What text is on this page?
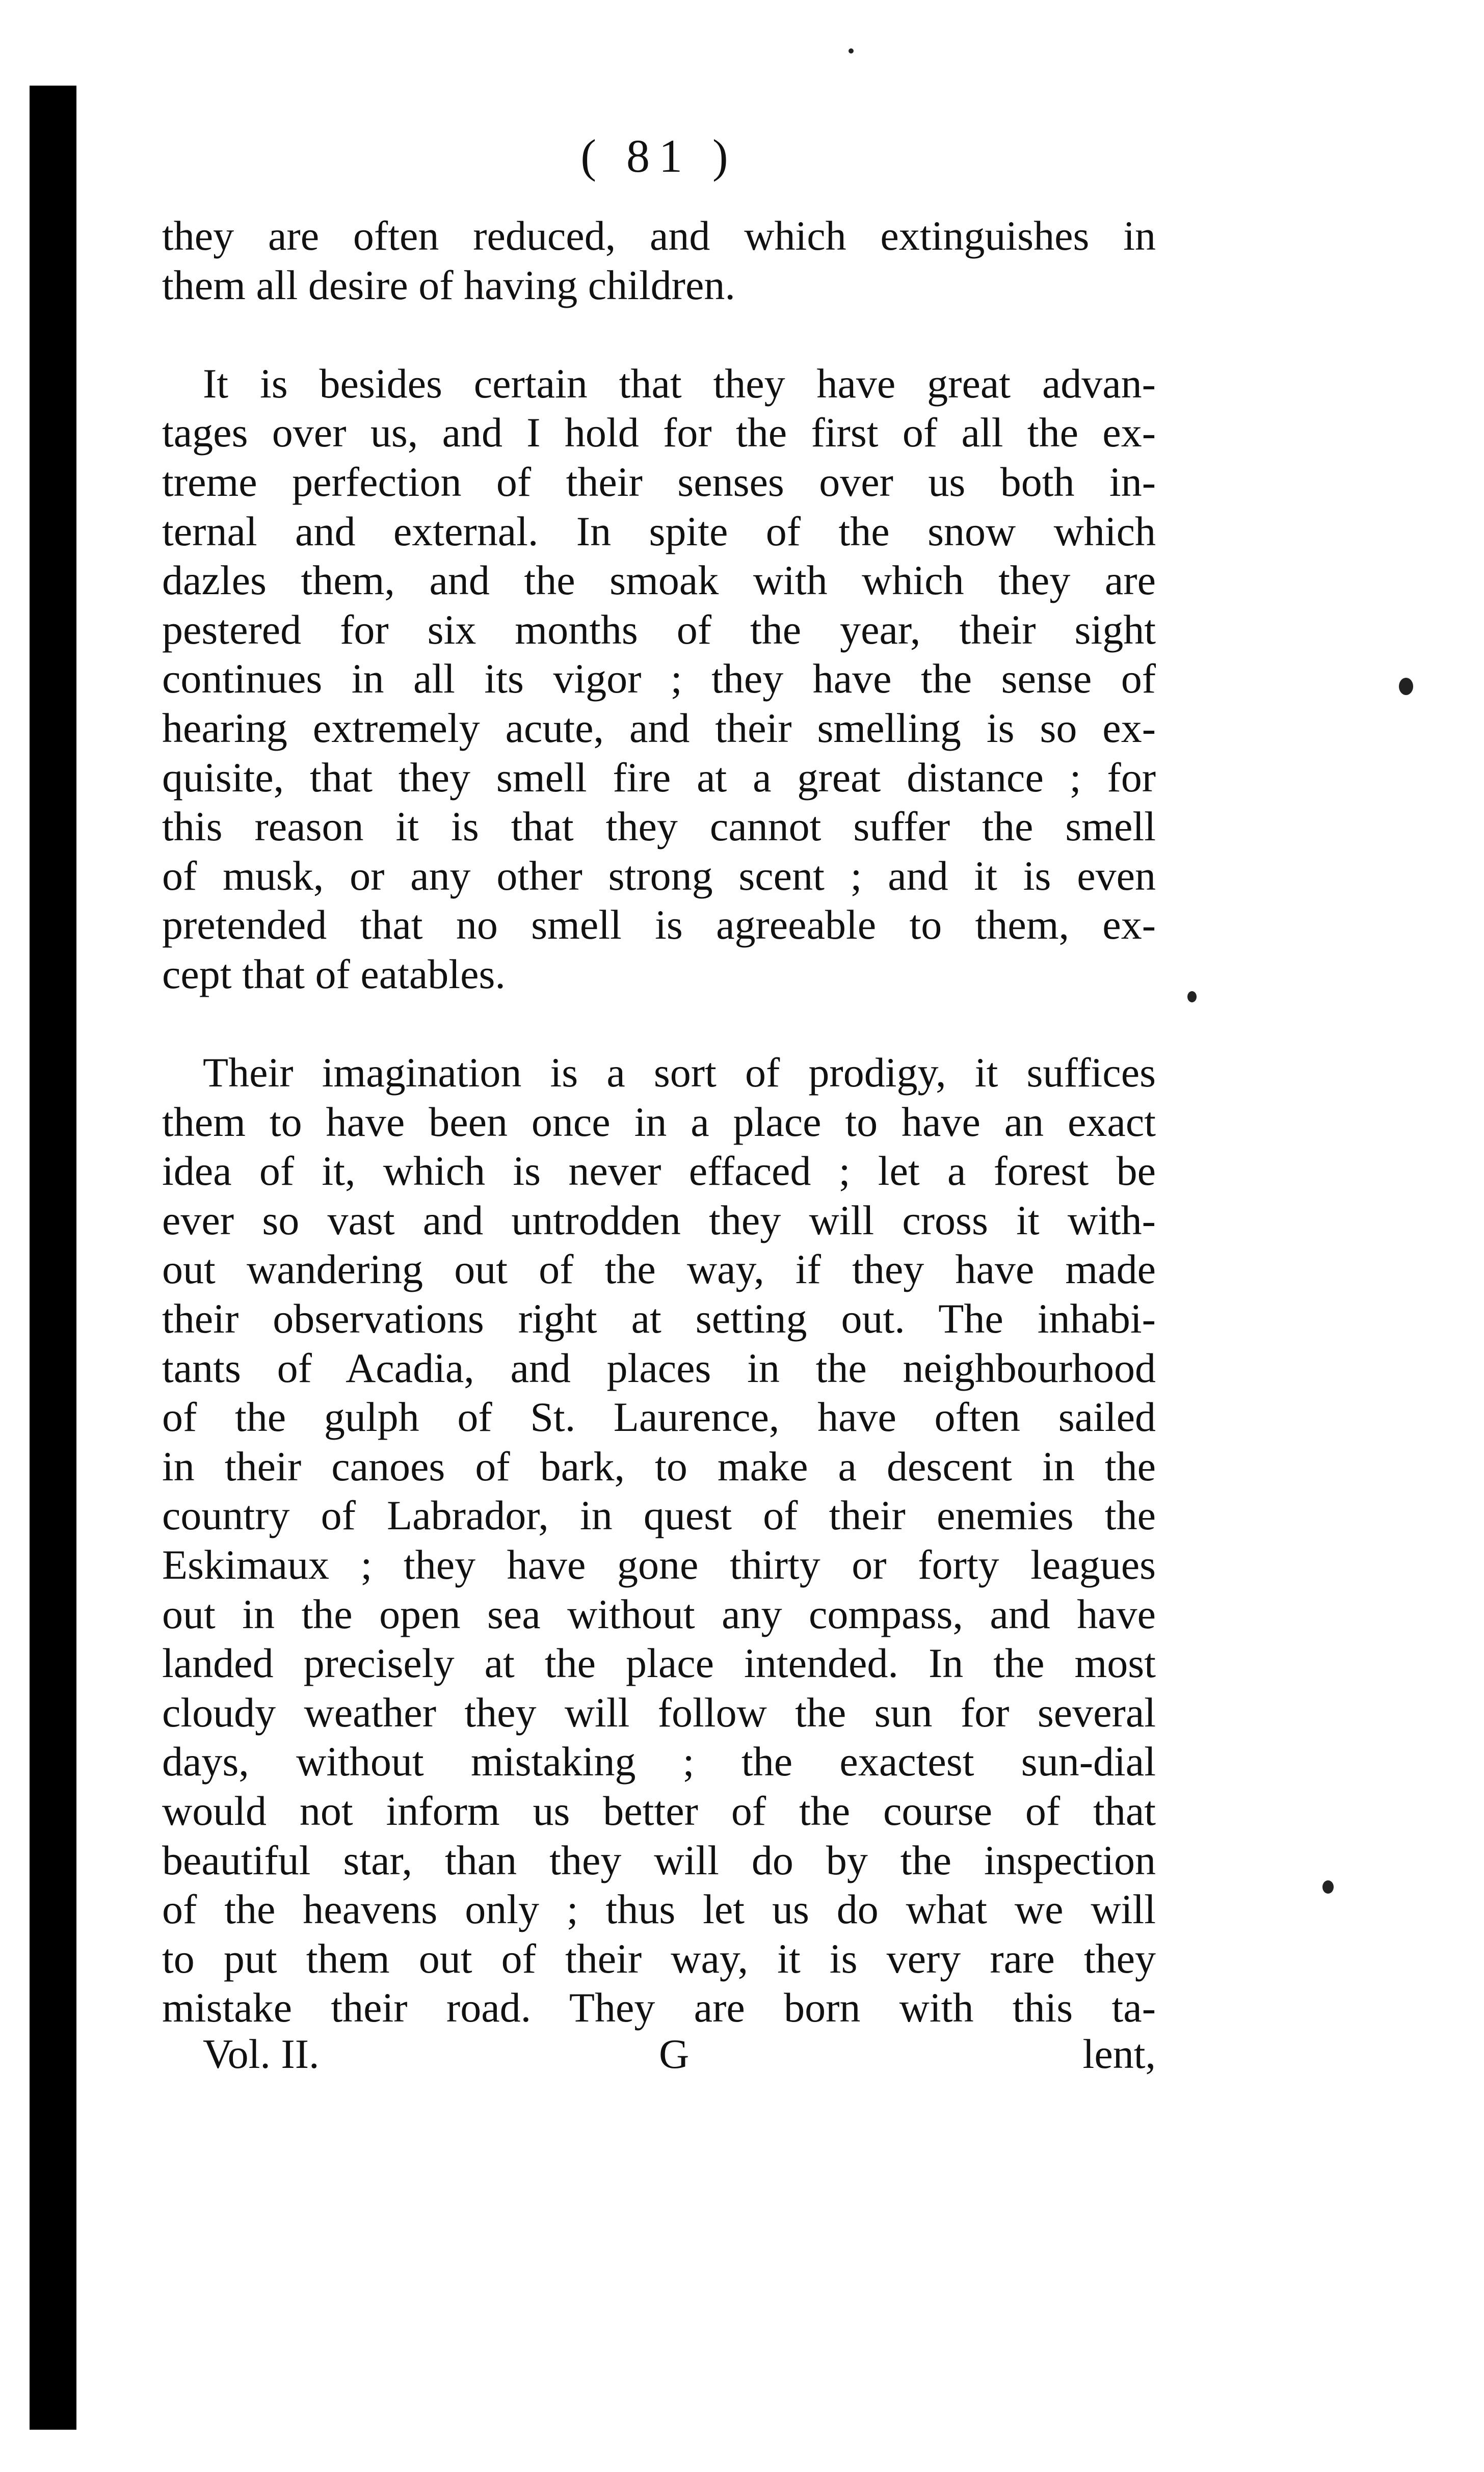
( 81 )
they are often reduced, and which extinguishes in
them all desire of having children.
It is besides certain that they have great advan-
tages over us, and I hold for the first of all the ex-
treme perfection of their senses over us both in-
ternal and external. In spite of the snow which
dazles them, and the smoak with which they are
pestered for six months of the year, their sight
continues in all its vigor ; they have the sense of
hearing extremely acute, and their smelling is so ex-
quisite, that they smell fire at a great distance ; for
this reason it is that they cannot suffer the smell
of musk, or any other strong scent ; and it is even
pretended that no smell is agreeable to them, ex-
cept that of eatables.
Their imagination is a sort of prodigy, it suffices
them to have been once in a place to have an exact
idea of it, which is never effaced ; let a forest be
ever so vast and untrodden they will cross it with-
out wandering out of the way, if they have made
their observations right at setting out. The inhabi-
tants of Acadia, and places in the neighbourhood
of the gulph of St. Laurence, have often sailed
in their canoes of bark, to make a descent in the
country of Labrador, in quest of their enemies the
Eskimaux ; they have gone thirty or forty leagues
out in the open sea without any compass, and have
landed precisely at the place intended. In the most
cloudy weather they will follow the sun for several
days, without mistaking ; the exactest sun-dial
would not inform us better of the course of that
beautiful star, than they will do by the inspection
of the heavens only ; thus let us do what we will
to put them out of their way, it is very rare they
mistake their road. They are born with this ta-
Vol. II.	G	lent,
